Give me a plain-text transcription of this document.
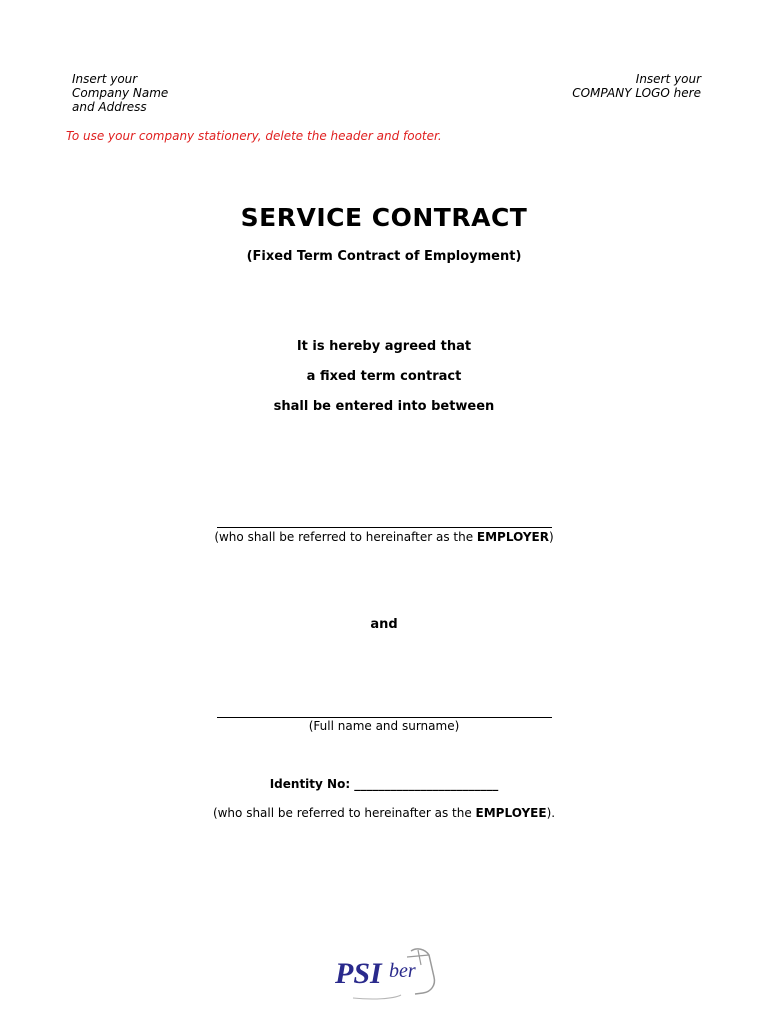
Insert your
Company Name
and Address
Insert your
COMPANY LOGO here
To use your company stationery, delete the header and footer.
SERVICE CONTRACT
(Fixed Term Contract of Employment)
It is hereby agreed that
a fixed term contract
shall be entered into between
(who shall be referred to hereinafter as the EMPLOYER)
and
(Full name and surname)
Identity No: ________________________
(who shall be referred to hereinafter as the EMPLOYEE).
PSI ber
